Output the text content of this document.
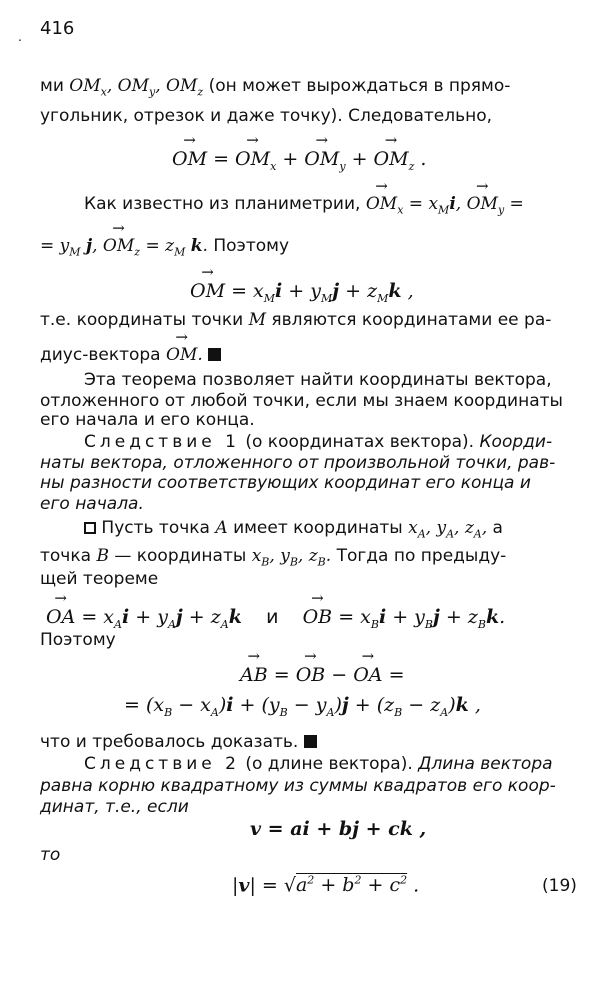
416
.
ми $OM_x$, $OM_y$, $OM_z$ (он может вырождаться в прямо-
угольник, отрезок и даже точку). Следовательно,
→ OM = → $OM_x$ + → $OM_y$ + → $OM_z$ .
Как известно из планиметрии, → $OM_x = x_Mi$, → $OM_y$ =
= $y_M$ j, → $OM_z = z_M$ k. Поэтому
→ OM = $x_Mi + y_Mj + z_Mk$ ,
т.е. координаты точки M являются координатами ее ра-
диус-вектора → OM.
Эта теорема позволяет найти координаты вектора,
отложенного от любой точки, если мы знаем координаты
его начала и его конца.
Следствие 1 (о координатах вектора). Коорди-
наты вектора, отложенного от произвольной точки, рав-
ны разности соответствующих координат его конца и
его начала.
Пусть точка A имеет координаты $x_A$, $y_A$, $z_A$, а
точка B — координаты $x_B$, $y_B$, $z_B$. Тогда по предыду-
щей теореме
→ OA = $x_Ai + y_Aj + z_Ak$ и → OB = $x_Bi + y_Bj + z_Bk$.
Поэтому
→ AB = → OB − → OA =
= $(x_B - x_A)i + (y_B - y_A)j + (z_B - z_A)k$ ,
что и требовалось доказать.
Следствие 2 (о длине вектора). Длина вектора
равна корню квадратному из суммы квадратов его коор-
динат, т.е., если
v = ai + bj + ck ,
то
$|v| = √a^2 + b^2 + c^2$ .	(19)
